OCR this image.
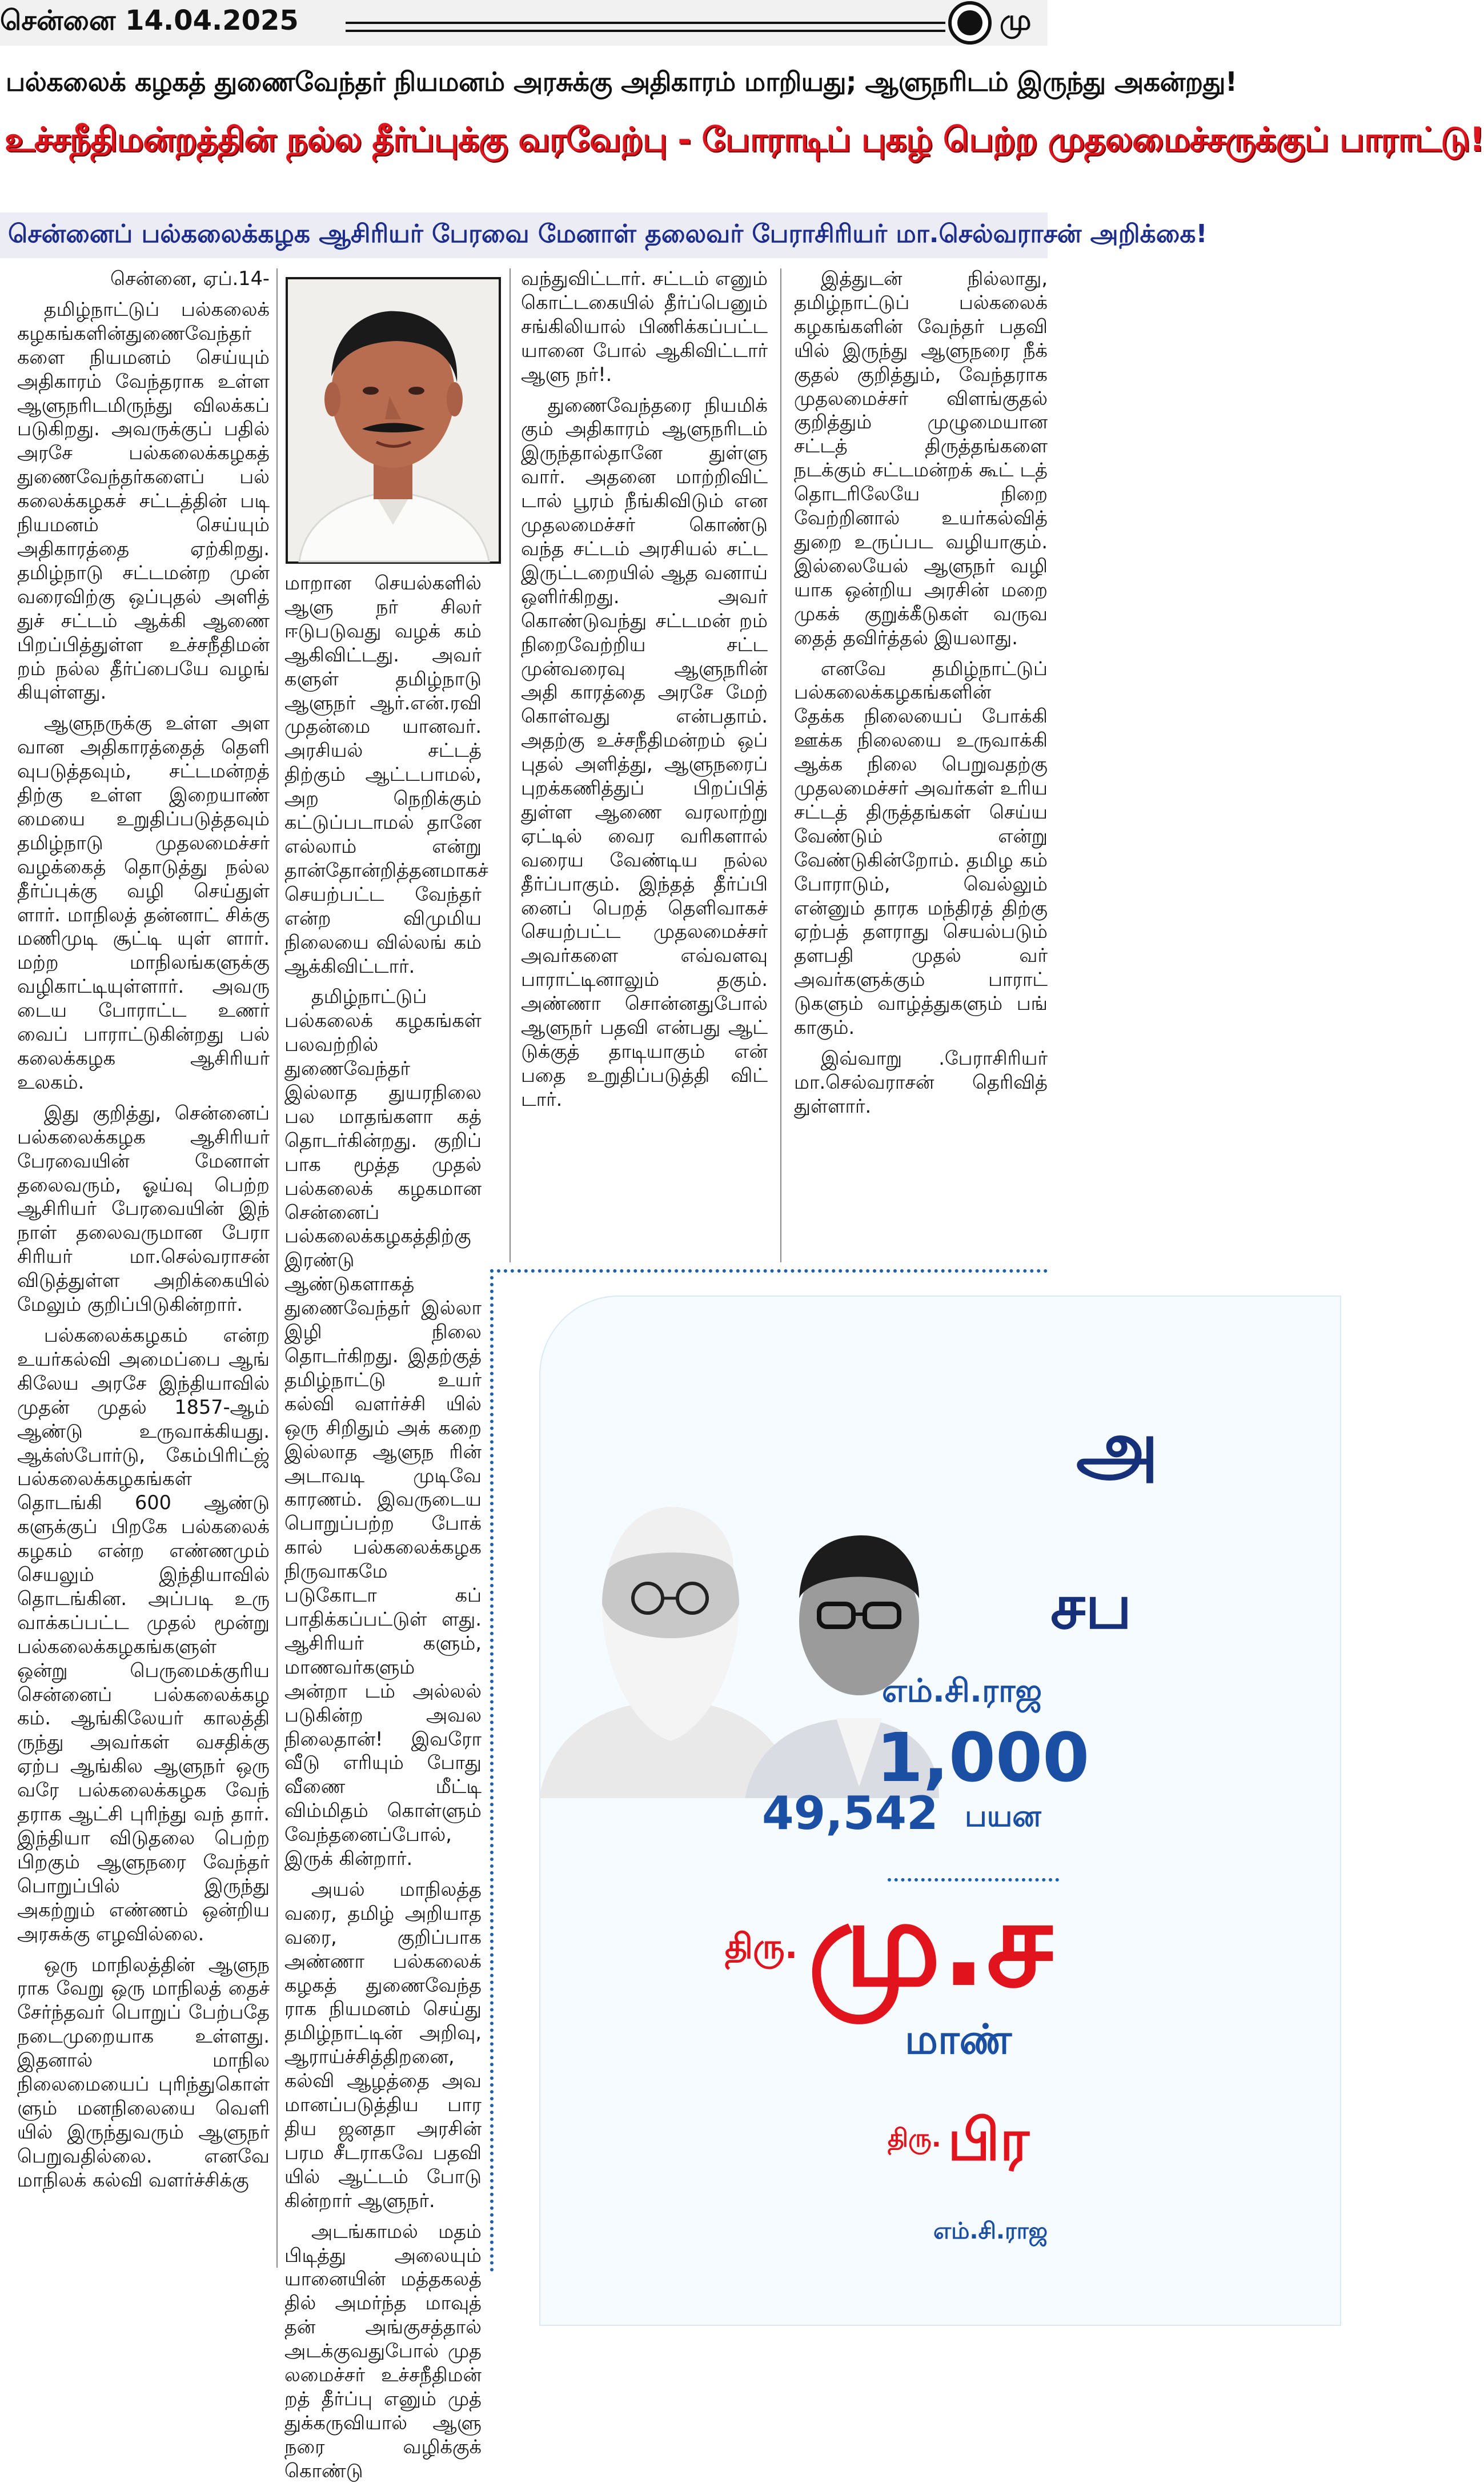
சென்னை 14.04.2025	மு
பல்கலைக் கழகத் துணைவேந்தர் நியமனம் அரசுக்கு அதிகாரம் மாறியது; ஆளுநரிடம் இருந்து அகன்றது!
உச்சநீதிமன்றத்தின் நல்ல தீர்ப்புக்கு வரவேற்பு - போராடிப் புகழ் பெற்ற முதலமைச்சருக்குப் பாராட்டு!
சென்னைப் பல்கலைக்கழக ஆசிரியர் பேரவை மேனாள் தலைவர் பேராசிரியர் மா.செல்வராசன் அறிக்கை!

சென்னை, ஏப்.14-

தமிழ்நாட்டுப் பல்கலைக் கழகங்களின்துணைவேந்தர் களை நியமனம் செய்யும் அதிகாரம் வேந்தராக உள்ள ஆளுநரிடமிருந்து விலக்கப் படுகிறது. அவருக்குப் பதில் அரசே பல்கலைக்கழகத் துணைவேந்தர்களைப் பல் கலைக்கழகச் சட்டத்தின் படி நியமனம் செய்யும் அதிகாரத்தை ஏற்கிறது. தமிழ்நாடு சட்டமன்ற முன் வரைவிற்கு ஒப்புதல் அளித் துச் சட்டம் ஆக்கி ஆணை பிறப்பித்துள்ள உச்சநீதிமன் றம் நல்ல தீர்ப்பையே வழங் கியுள்ளது.

ஆளுநருக்கு உள்ள அள வான அதிகாரத்தைத் தெளி வுபடுத்தவும், சட்டமன்றத் திற்கு உள்ள இறையாண் மையை உறுதிப்படுத்தவும் தமிழ்நாடு முதலமைச்சர் வழக்கைத் தொடுத்து நல்ல தீர்ப்புக்கு வழி செய்துள் ளார். மாநிலத் தன்னாட் சிக்கு மணிமுடி சூட்டி யுள் ளார். மற்ற மாநிலங்களுக்கு வழிகாட்டியுள்ளார். அவரு டைய போராட்ட உணர் வைப் பாராட்டுகின்றது பல் கலைக்கழக ஆசிரியர் உலகம்.

இது குறித்து, சென்னைப் பல்கலைக்கழக ஆசிரியர் பேரவையின் மேனாள் தலைவரும், ஓய்வு பெற்ற ஆசிரியர் பேரவையின் இந் நாள் தலைவருமான பேரா சிரியர் மா.செல்வராசன் விடுத்துள்ள அறிக்கையில் மேலும் குறிப்பிடுகின்றார்.

பல்கலைக்கழகம் என்ற உயர்கல்வி அமைப்பை ஆங் கிலேய அரசே இந்தியாவில் முதன் முதல் 1857-ஆம் ஆண்டு உருவாக்கியது. ஆக்ஸ்போர்டு, கேம்பிரிட்ஜ் பல்கலைக்கழகங்கள் தொடங்கி 600 ஆண்டு களுக்குப் பிறகே பல்கலைக் கழகம் என்ற எண்ணமும் செயலும் இந்தியாவில் தொடங்கின. அப்படி உரு வாக்கப்பட்ட முதல் மூன்று பல்கலைக்கழகங்களுள் ஒன்று பெருமைக்குரிய சென்னைப் பல்கலைக்கழ கம். ஆங்கிலேயர் காலத்தி ருந்து அவர்கள் வசதிக்கு ஏற்ப ஆங்கில ஆளுநர் ஒரு வரே பல்கலைக்கழக வேந் தராக ஆட்சி புரிந்து வந் தார். இந்தியா விடுதலை பெற்ற பிறகும் ஆளுநரை வேந்தர் பொறுப்பில் இருந்து அகற்றும் எண்ணம் ஒன்றிய அரசுக்கு எழவில்லை.

ஒரு மாநிலத்தின் ஆளுந ராக வேறு ஒரு மாநிலத் தைச் சேர்ந்தவர் பொறுப் பேற்பதே நடைமுறையாக உள்ளது. இதனால் மாநில நிலைமையைப் புரிந்துகொள் ளும் மனநிலையை வெளி யில் இருந்துவரும் ஆளுநர் பெறுவதில்லை. எனவே மாநிலக் கல்வி வளர்ச்சிக்கு

மாறான செயல்களில் ஆளு நர் சிலர் ஈடுபடுவது வழக் கம் ஆகிவிட்டது. அவர் களுள் தமிழ்நாடு ஆளுநர் ஆர்.என்.ரவி முதன்மை யானவர். அரசியல் சட்டத் திற்கும் ஆட்டபாமல், அற நெறிக்கும் கட்டுப்படாமல் தானே எல்லாம் என்று தான்தோன்றித்தனமாகச் செயற்பட்ட வேந்தர் என்ற விமுமிய நிலையை வில்லங் கம் ஆக்கிவிட்டார்.

தமிழ்நாட்டுப் பல்கலைக் கழகங்கள் பலவற்றில் துணைவேந்தர் இல்லாத துயரநிலை பல மாதங்களா கத் தொடர்கின்றது. குறிப் பாக மூத்த முதல் பல்கலைக் கழகமான சென்னைப் பல்கலைக்கழகத்திற்கு இரண்டு ஆண்டுகளாகத் துணைவேந்தர் இல்லா இழி நிலை தொடர்கிறது. இதற்குத் தமிழ்நாட்டு உயர் கல்வி வளர்ச்சி யில் ஒரு சிறிதும் அக் கறை இல்லாத ஆளுந ரின் அடாவடி முடிவே காரணம். இவருடைய பொறுப்பற்ற போக் கால் பல்கலைக்கழக நிருவாகமே படுகோடா கப் பாதிக்கப்பட்டுள் ளது. ஆசிரியர் களும், மாணவர்களும் அன்றா டம் அல்லல் படுகின்ற அவல நிலைதான்! இவரோ வீடு எரியும் போது வீணை மீட்டி விம்மிதம் கொள்ளும் வேந்தனைப்போல், இருக் கின்றார்.

அயல் மாநிலத்த வரை, தமிழ் அறியாத வரை, குறிப்பாக அண்ணா பல்கலைக் கழகத் துணைவேந்த ராக நியமனம் செய்து தமிழ்நாட்டின் அறிவு, ஆராய்ச்சித்திறனை, கல்வி ஆழத்தை அவ மானப்படுத்திய பார திய ஜனதா அரசின் பரம சீடராகவே பதவி யில் ஆட்டம் போடு கின்றார் ஆளுநர்.

அடங்காமல் மதம் பிடித்து அலையும் யானையின் மத்தகலத் தில் அமர்ந்த மாவுத் தன் அங்குசத்தால் அடக்குவதுபோல் முத லமைச்சர் உச்சநீதிமன் றத் தீர்ப்பு எனும் முத் துக்கருவியால் ஆளு நரை வழிக்குக் கொண்டு

வந்துவிட்டார். சட்டம் எனும் கொட்டகையில் தீர்ப்பெனும் சங்கிலியால் பிணிக்கப்பட்ட யானை போல் ஆகிவிட்டார் ஆளு நர்!.

துணைவேந்தரை நியமிக் கும் அதிகாரம் ஆளுநரிடம் இருந்தால்தானே துள்ளு வார். அதனை மாற்றிவிட் டால் பூரம் நீங்கிவிடும் என முதலமைச்சர் கொண்டு வந்த சட்டம் அரசியல் சட்ட இருட்டறையில் ஆத வனாய் ஒளிர்கிறது. அவர் கொண்டுவந்து சட்டமன் றம் நிறைவேற்றிய சட்ட முன்வரைவு ஆளுநரின் அதி காரத்தை அரசே மேற் கொள்வது என்பதாம். அதற்கு உச்சநீதிமன்றம் ஒப் புதல் அளித்து, ஆளுநரைப் புறக்கணித்துப் பிறப்பித் துள்ள ஆணை வரலாற்று ஏட்டில் வைர வரிகளால் வரைய வேண்டிய நல்ல தீர்ப்பாகும். இந்தத் தீர்ப்பி னைப் பெறத் தெளிவாகச் செயற்பட்ட முதலமைச்சர் அவர்களை எவ்வளவு பாராட்டினாலும் தகும். அண்ணா சொன்னதுபோல் ஆளுநர் பதவி என்பது ஆட் டுக்குத் தாடியாகும் என் பதை உறுதிப்படுத்தி விட் டார்.

இத்துடன் நில்லாது, தமிழ்நாட்டுப் பல்கலைக் கழகங்களின் வேந்தர் பதவி யில் இருந்து ஆளுநரை நீக் குதல் குறித்தும், வேந்தராக முதலமைச்சர் விளங்குதல் குறித்தும் முழுமையான சட்டத் திருத்தங்களை நடக்கும் சட்டமன்றக் கூட் டத் தொடரிலேயே நிறை வேற்றினால் உயர்கல்வித் துறை உருப்பட வழியாகும். இல்லையேல் ஆளுநர் வழி யாக ஒன்றிய அரசின் மறை முகக் குறுக்கீடுகள் வருவ தைத் தவிர்த்தல் இயலாது.

எனவே தமிழ்நாட்டுப் பல்கலைக்கழகங்களின் தேக்க நிலையைப் போக்கி ஊக்க நிலையை உருவாக்கி ஆக்க நிலை பெறுவதற்கு முதலமைச்சர் அவர்கள் உரிய சட்டத் திருத்தங்கள் செய்ய வேண்டும் என்று வேண்டுகின்றோம். தமிழ கம் போராடும், வெல்லும் என்னும் தாரக மந்திரத் திற்கு ஏற்பத் தளராது செயல்படும் தளபதி முதல் வர் அவர்களுக்கும் பாராட் டுகளும் வாழ்த்துகளும் பங் காகும்.

இவ்வாறு .பேராசிரியர் மா.செல்வராசன் தெரிவித் துள்ளார்.

அ
சப
எம்.சி.ராஜ
1,000
49,542 பயன
திரு. மு.ச
மாண்
திரு. பிர
எம்.சி.ராஜ
